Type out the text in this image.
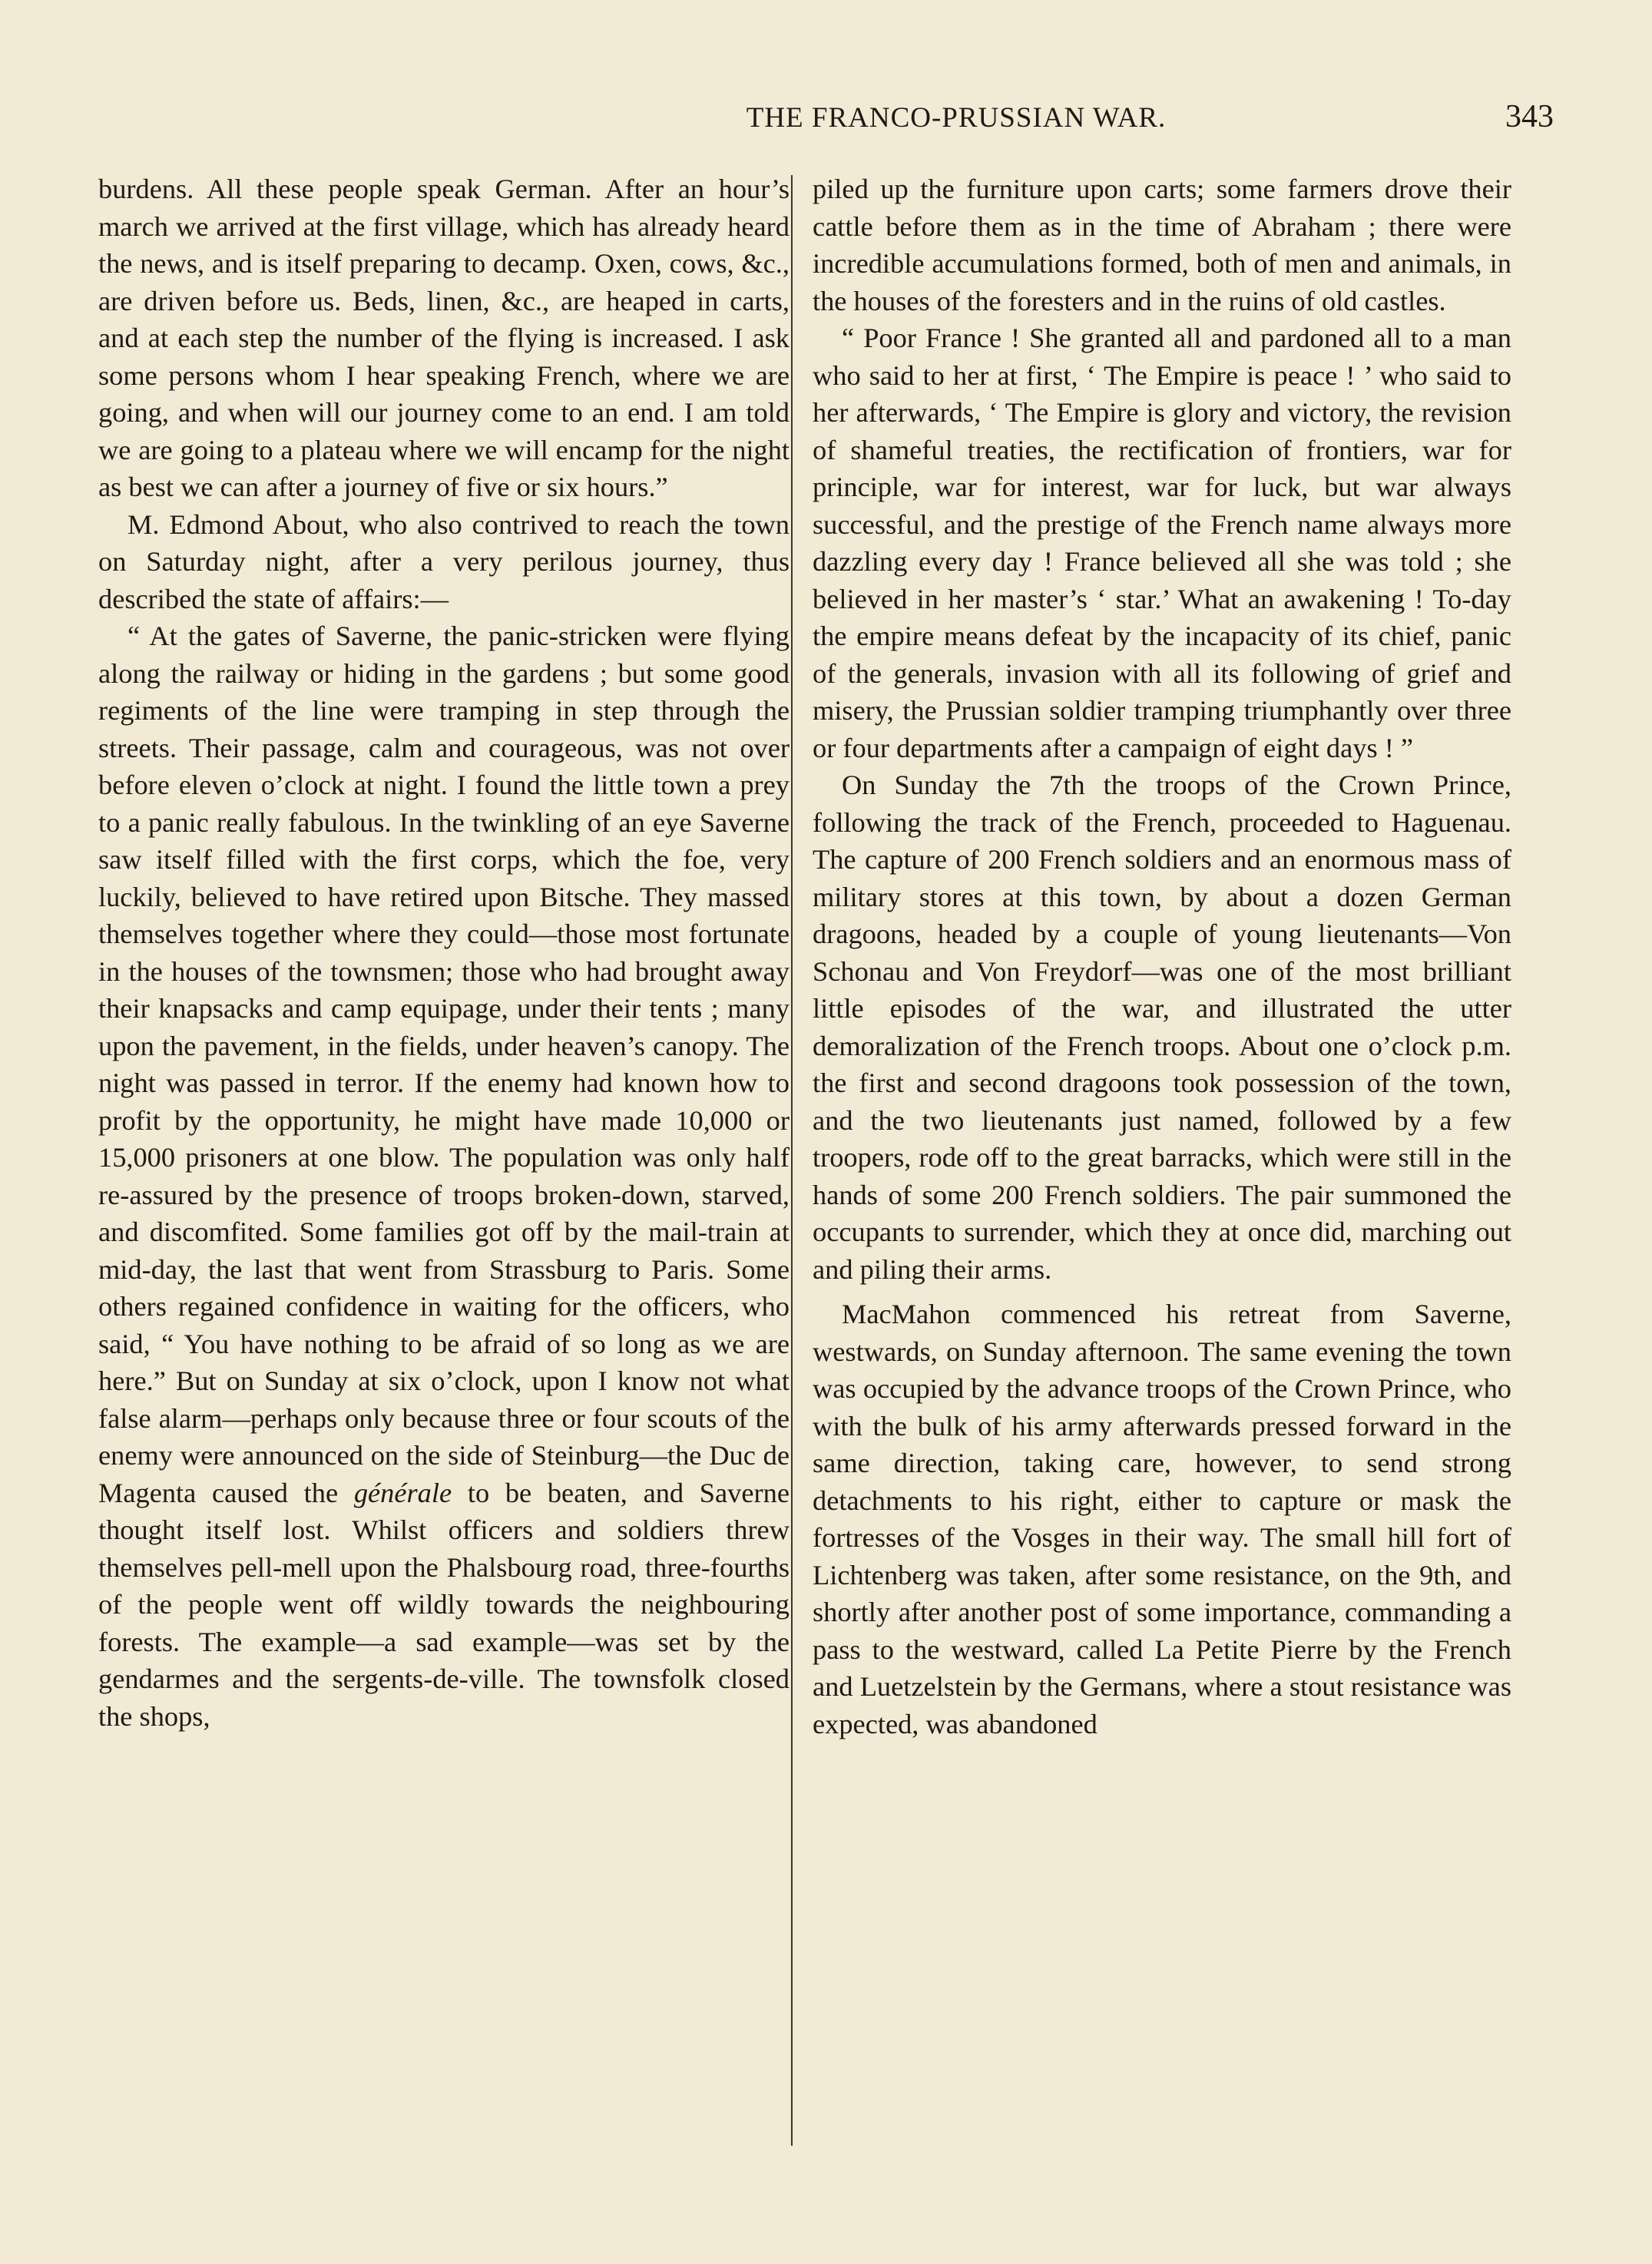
THE FRANCO-PRUSSIAN WAR.	343

burdens. All these people speak German. After an hour’s march we arrived at the first village, which has already heard the news, and is itself preparing to decamp. Oxen, cows, &c., are driven before us. Beds, linen, &c., are heaped in carts, and at each step the number of the flying is increased. I ask some persons whom I hear speaking French, where we are going, and when will our journey come to an end. I am told we are going to a plateau where we will encamp for the night as best we can after a journey of five or six hours.”

M. Edmond About, who also contrived to reach the town on Saturday night, after a very perilous journey, thus described the state of affairs:—

“ At the gates of Saverne, the panic-stricken were flying along the railway or hiding in the gardens ; but some good regiments of the line were tramping in step through the streets. Their passage, calm and courageous, was not over before eleven o’clock at night. I found the little town a prey to a panic really fabulous. In the twinkling of an eye Saverne saw itself filled with the first corps, which the foe, very luckily, believed to have retired upon Bitsche. They massed themselves together where they could—those most fortunate in the houses of the townsmen; those who had brought away their knapsacks and camp equipage, under their tents ; many upon the pavement, in the fields, under heaven’s canopy. The night was passed in terror. If the enemy had known how to profit by the opportunity, he might have made 10,000 or 15,000 prisoners at one blow. The population was only half re-assured by the presence of troops broken-down, starved, and discomfited. Some families got off by the mail-train at mid-day, the last that went from Strassburg to Paris. Some others regained confidence in waiting for the officers, who said, “ You have nothing to be afraid of so long as we are here.” But on Sunday at six o’clock, upon I know not what false alarm—perhaps only because three or four scouts of the enemy were announced on the side of Steinburg—the Duc de Magenta caused the générale to be beaten, and Saverne thought itself lost. Whilst officers and soldiers threw themselves pell-mell upon the Phalsbourg road, three-fourths of the people went off wildly towards the neighbouring forests. The example—a sad example—was set by the gendarmes and the sergents-de-ville. The townsfolk closed the shops,

piled up the furniture upon carts; some farmers drove their cattle before them as in the time of Abraham ; there were incredible accumulations formed, both of men and animals, in the houses of the foresters and in the ruins of old castles.

“ Poor France ! She granted all and pardoned all to a man who said to her at first, ‘ The Empire is peace ! ’ who said to her afterwards, ‘ The Empire is glory and victory, the revision of shameful treaties, the rectification of frontiers, war for principle, war for interest, war for luck, but war always successful, and the prestige of the French name always more dazzling every day ! France believed all she was told ; she believed in her master’s ‘ star.’ What an awakening ! To-day the empire means defeat by the incapacity of its chief, panic of the generals, invasion with all its following of grief and misery, the Prussian soldier tramping triumphantly over three or four departments after a campaign of eight days ! ”

On Sunday the 7th the troops of the Crown Prince, following the track of the French, proceeded to Haguenau. The capture of 200 French soldiers and an enormous mass of military stores at this town, by about a dozen German dragoons, headed by a couple of young lieutenants—Von Schonau and Von Freydorf—was one of the most brilliant little episodes of the war, and illustrated the utter demoralization of the French troops. About one o’clock p.m. the first and second dragoons took possession of the town, and the two lieutenants just named, followed by a few troopers, rode off to the great barracks, which were still in the hands of some 200 French soldiers. The pair summoned the occupants to surrender, which they at once did, marching out and piling their arms.

MacMahon commenced his retreat from Saverne, westwards, on Sunday afternoon. The same evening the town was occupied by the advance troops of the Crown Prince, who with the bulk of his army afterwards pressed forward in the same direction, taking care, however, to send strong detachments to his right, either to capture or mask the fortresses of the Vosges in their way. The small hill fort of Lichtenberg was taken, after some resistance, on the 9th, and shortly after another post of some importance, commanding a pass to the westward, called La Petite Pierre by the French and Luetzelstein by the Germans, where a stout resistance was expected, was abandoned
